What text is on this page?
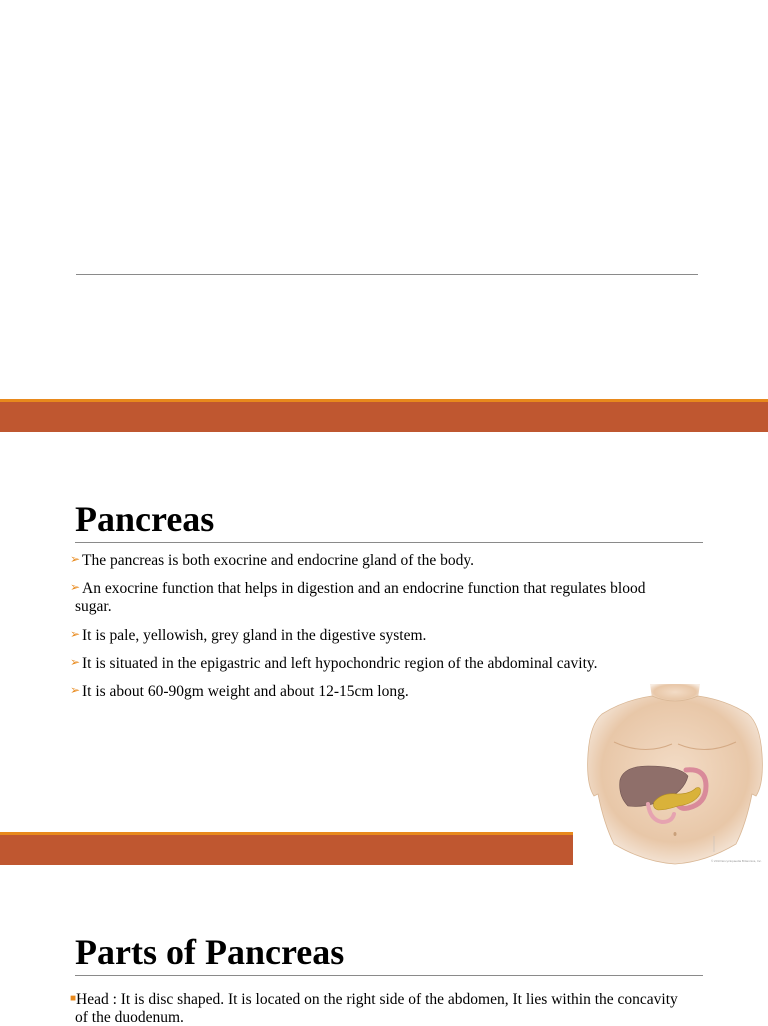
Pancreas
➢ The pancreas is both exocrine and endocrine gland of the body.
➢ An exocrine function that helps in digestion and an endocrine function that regulates blood
sugar.
➢ It is pale, yellowish, grey gland in the digestive system.
➢ It is situated in the epigastric and left hypochondric region of the abdominal cavity.
➢ It is about 60-90gm weight and about 12-15cm long.
© 2013 Encyclopaedia Britannica, Inc.
Parts of Pancreas
■Head : It is disc shaped. It is located on the right side of the abdomen, It lies within the concavity
of the duodenum.
